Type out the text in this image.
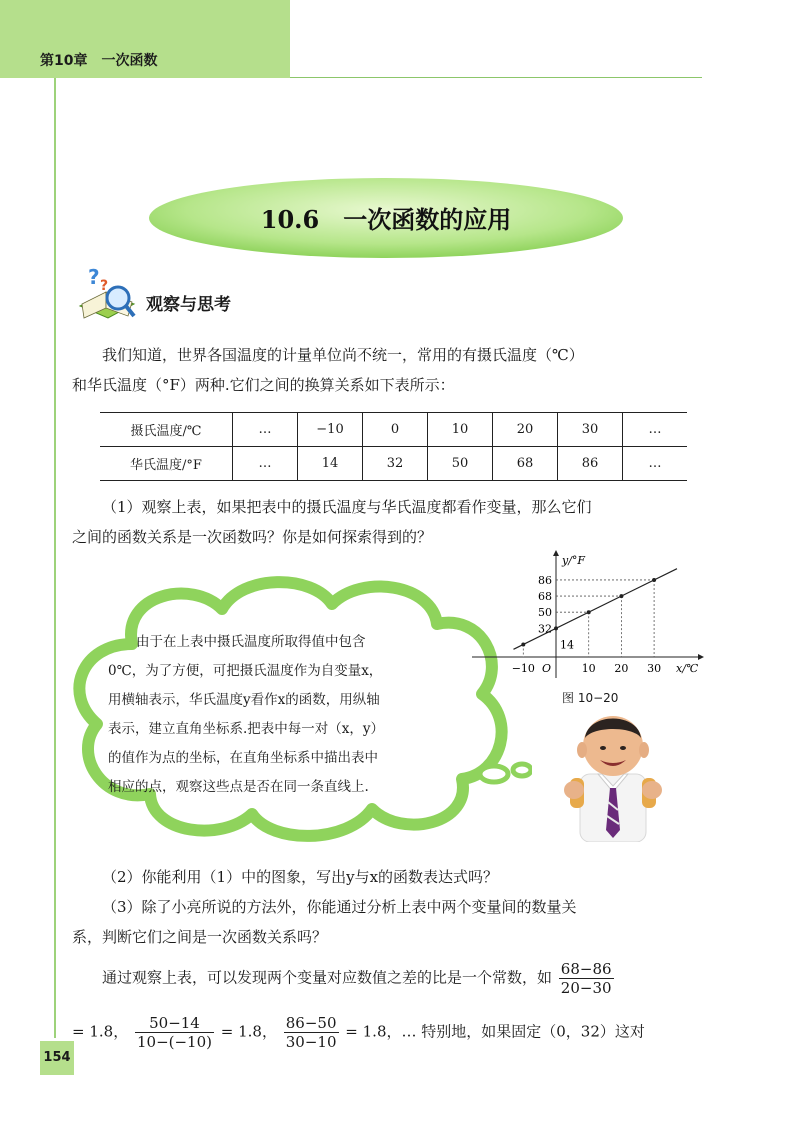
第10章　一次函数
10.6　一次函数的应用
? ?
观察与思考
我们知道，世界各国温度的计量单位尚不统一，常用的有摄氏温度（℃）
和华氏温度（°F）两种.它们之间的换算关系如下表所示：
摄氏温度/℃	…	−10	0	10	20	30	…
华氏温度/°F	…	14	32	50	68	86	…
（1）观察上表，如果把表中的摄氏温度与华氏温度都看作变量，那么它们
之间的函数关系是一次函数吗？你是如何探索得到的？
由于在上表中摄氏温度所取得值中包含
0℃，为了方便，可把摄氏温度作为自变量x，
用横轴表示，华氏温度y看作x的函数，用纵轴
表示，建立直角坐标系.把表中每一对（x，y）
的值作为点的坐标，在直角坐标系中描出表中
相应的点，观察这些点是否在同一条直线上.
y/°F
x/℃
O
−10	10 20 30
86
68
50
32
14
图 10−20
（2）你能利用（1）中的图象，写出y与x的函数表达式吗？
（3）除了小亮所说的方法外，你能通过分析上表中两个变量间的数量关
系，判断它们之间是一次函数关系吗？
通过观察上表，可以发现两个变量对应数值之差的比是一个常数，如 $\frac{68-86}{20-30}$
= 1.8， $\frac{50-14}{10-(-10)} = 1.8$， $\frac{86-50}{30-10} = 1.8$，… 特别地，如果固定（0，32）这对
154
